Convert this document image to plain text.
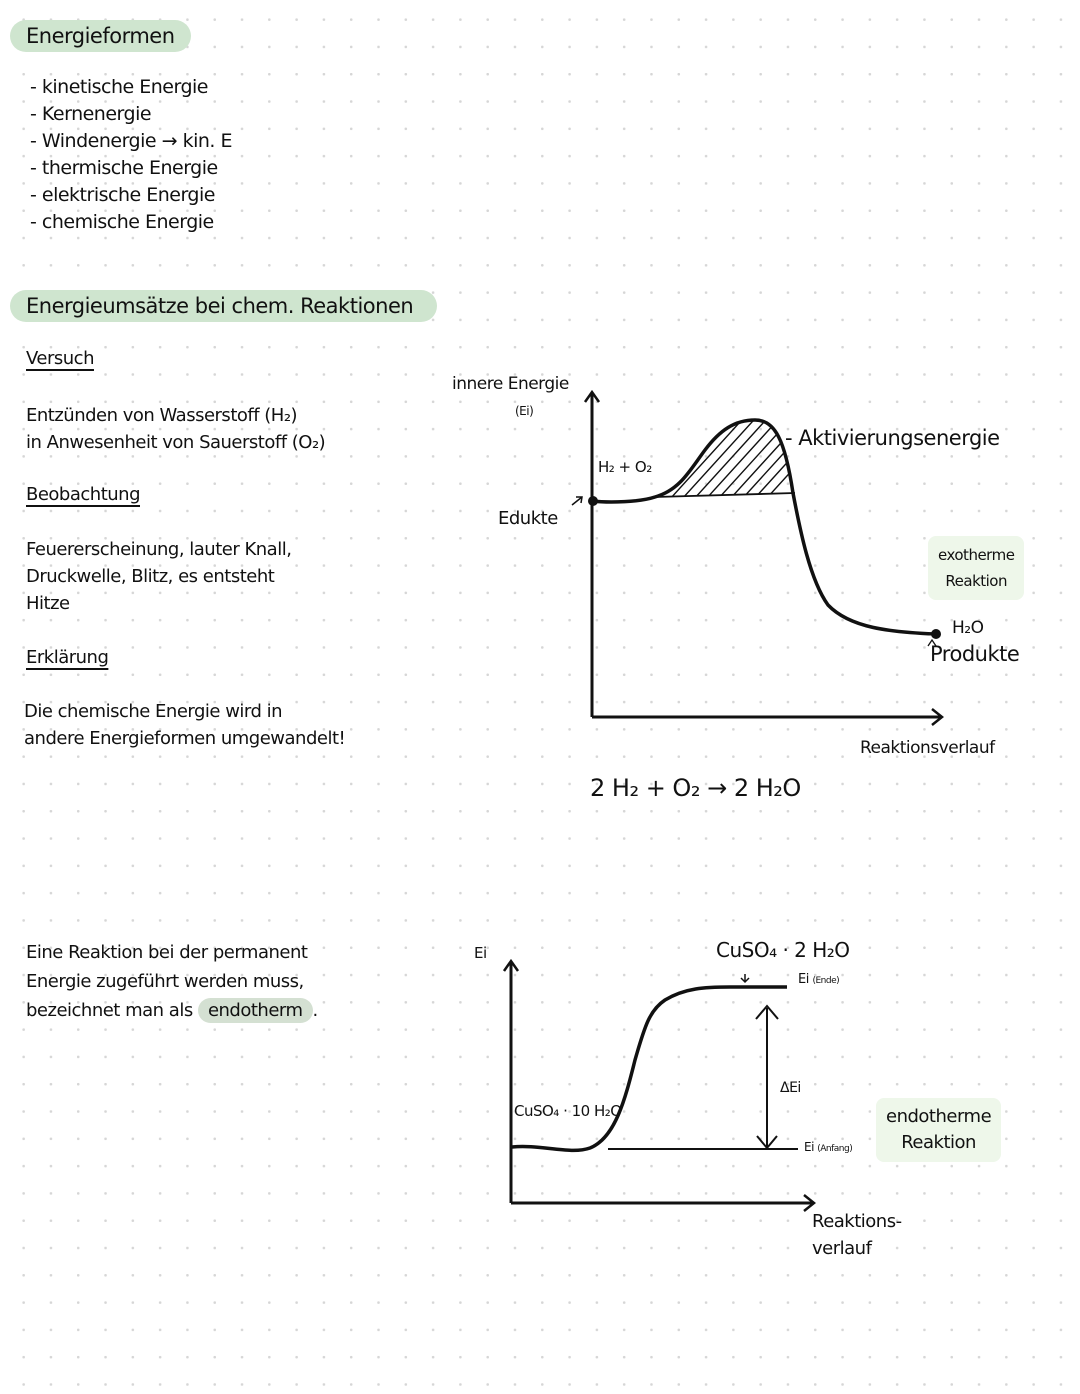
Energieformen
- kinetische Energie
- Kernenergie
- Windenergie → kin. E
- thermische Energie
- elektrische Energie
- chemische Energie
Energieumsätze bei chem. Reaktionen
Versuch
Entzünden von Wasserstoff (H₂)
in Anwesenheit von Sauerstoff (O₂)
Beobachtung
Feuererscheinung, lauter Knall,
Druckwelle, Blitz, es entsteht
Hitze
Erklärung
Die chemische Energie wird in
andere Energieformen umgewandelt!
innere Energie
(Ei)
H₂ + O₂
Edukte
- Aktivierungsenergie
exotherme
Reaktion
H₂O
Produkte
Reaktionsverlauf
2 H₂ + O₂ → 2 H₂O
Eine Reaktion bei der permanent
Energie zugeführt werden muss,
bezeichnet man als endotherm .
Ei	CuSO₄ · 2 H₂O
Ei (Ende)
CuSO₄ · 10 H₂O
ΔEi
Ei (Anfang)
endotherme
Reaktion
Reaktions-
verlauf
